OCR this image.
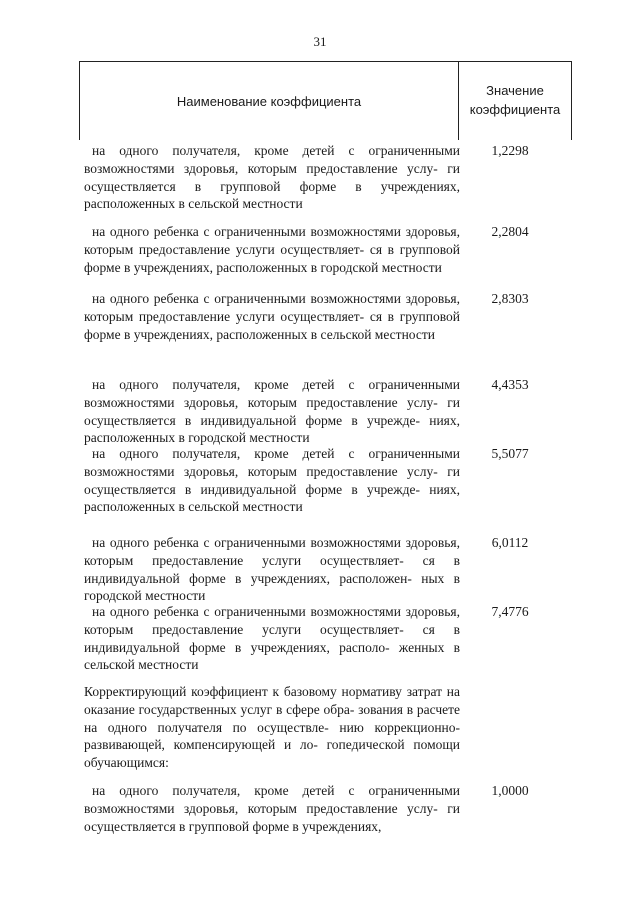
31
Наименование коэффициента
Значение
коэффициента
на одного получателя, кроме детей с ограниченными возможностями здоровья, которым предоставление услу- ги осуществляется в групповой форме в учреждениях, расположенных в сельской местности
1,2298
на одного ребенка с ограниченными возможностями здоровья, которым предоставление услуги осуществляет- ся в групповой форме в учреждениях, расположенных в городской местности
2,2804
на одного ребенка с ограниченными возможностями здоровья, которым предоставление услуги осуществляет- ся в групповой форме в учреждениях, расположенных в сельской местности
2,8303
на одного получателя, кроме детей с ограниченными возможностями здоровья, которым предоставление услу- ги осуществляется в индивидуальной форме в учрежде- ниях, расположенных в городской местности
4,4353
на одного получателя, кроме детей с ограниченными возможностями здоровья, которым предоставление услу- ги осуществляется в индивидуальной форме в учрежде- ниях, расположенных в сельской местности
5,5077
на одного ребенка с ограниченными возможностями здоровья, которым предоставление услуги осуществляет- ся в индивидуальной форме в учреждениях, расположен- ных в городской местности
6,0112
на одного ребенка с ограниченными возможностями здоровья, которым предоставление услуги осуществляет- ся в индивидуальной форме в учреждениях, располо- женных в сельской местности
7,4776
Корректирующий коэффициент к базовому нормативу затрат на оказание государственных услуг в сфере обра- зования в расчете на одного получателя по осуществле- нию коррекционно-развивающей, компенсирующей и ло- гопедической помощи обучающимся:
на одного получателя, кроме детей с ограниченными возможностями здоровья, которым предоставление услу- ги осуществляется в групповой форме в учреждениях,
1,0000
